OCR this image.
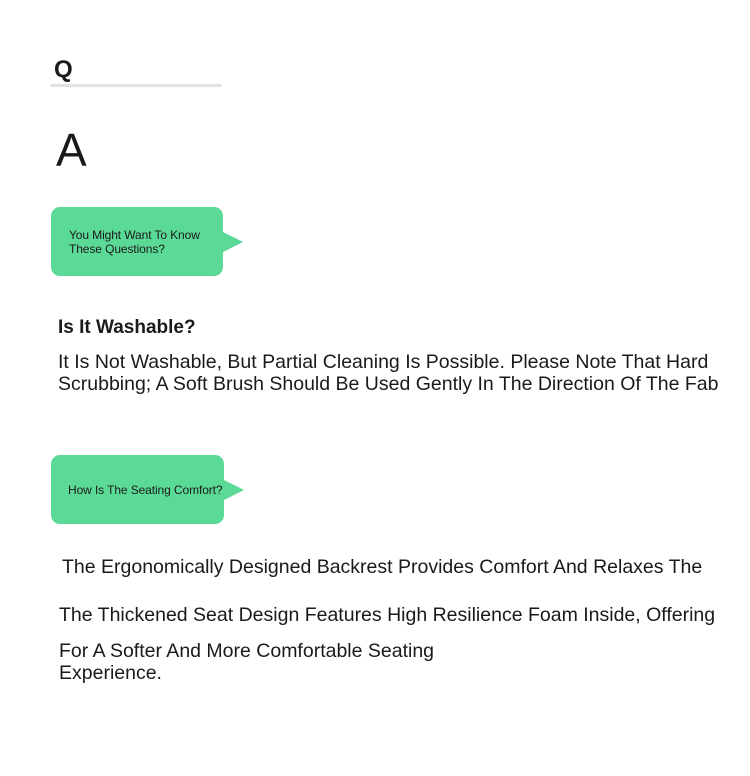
Q
A
You Might Want To Know These Questions?
Is It Washable?
It Is Not Washable, But Partial Cleaning Is Possible. Please Note That Hard
Scrubbing; A Soft Brush Should Be Used Gently In The Direction Of The Fab
How Is The Seating Comfort?
The Ergonomically Designed Backrest Provides Comfort And Relaxes The
The Thickened Seat Design Features High Resilience Foam Inside, Offering
For A Softer And More Comfortable Seating
Experience.
